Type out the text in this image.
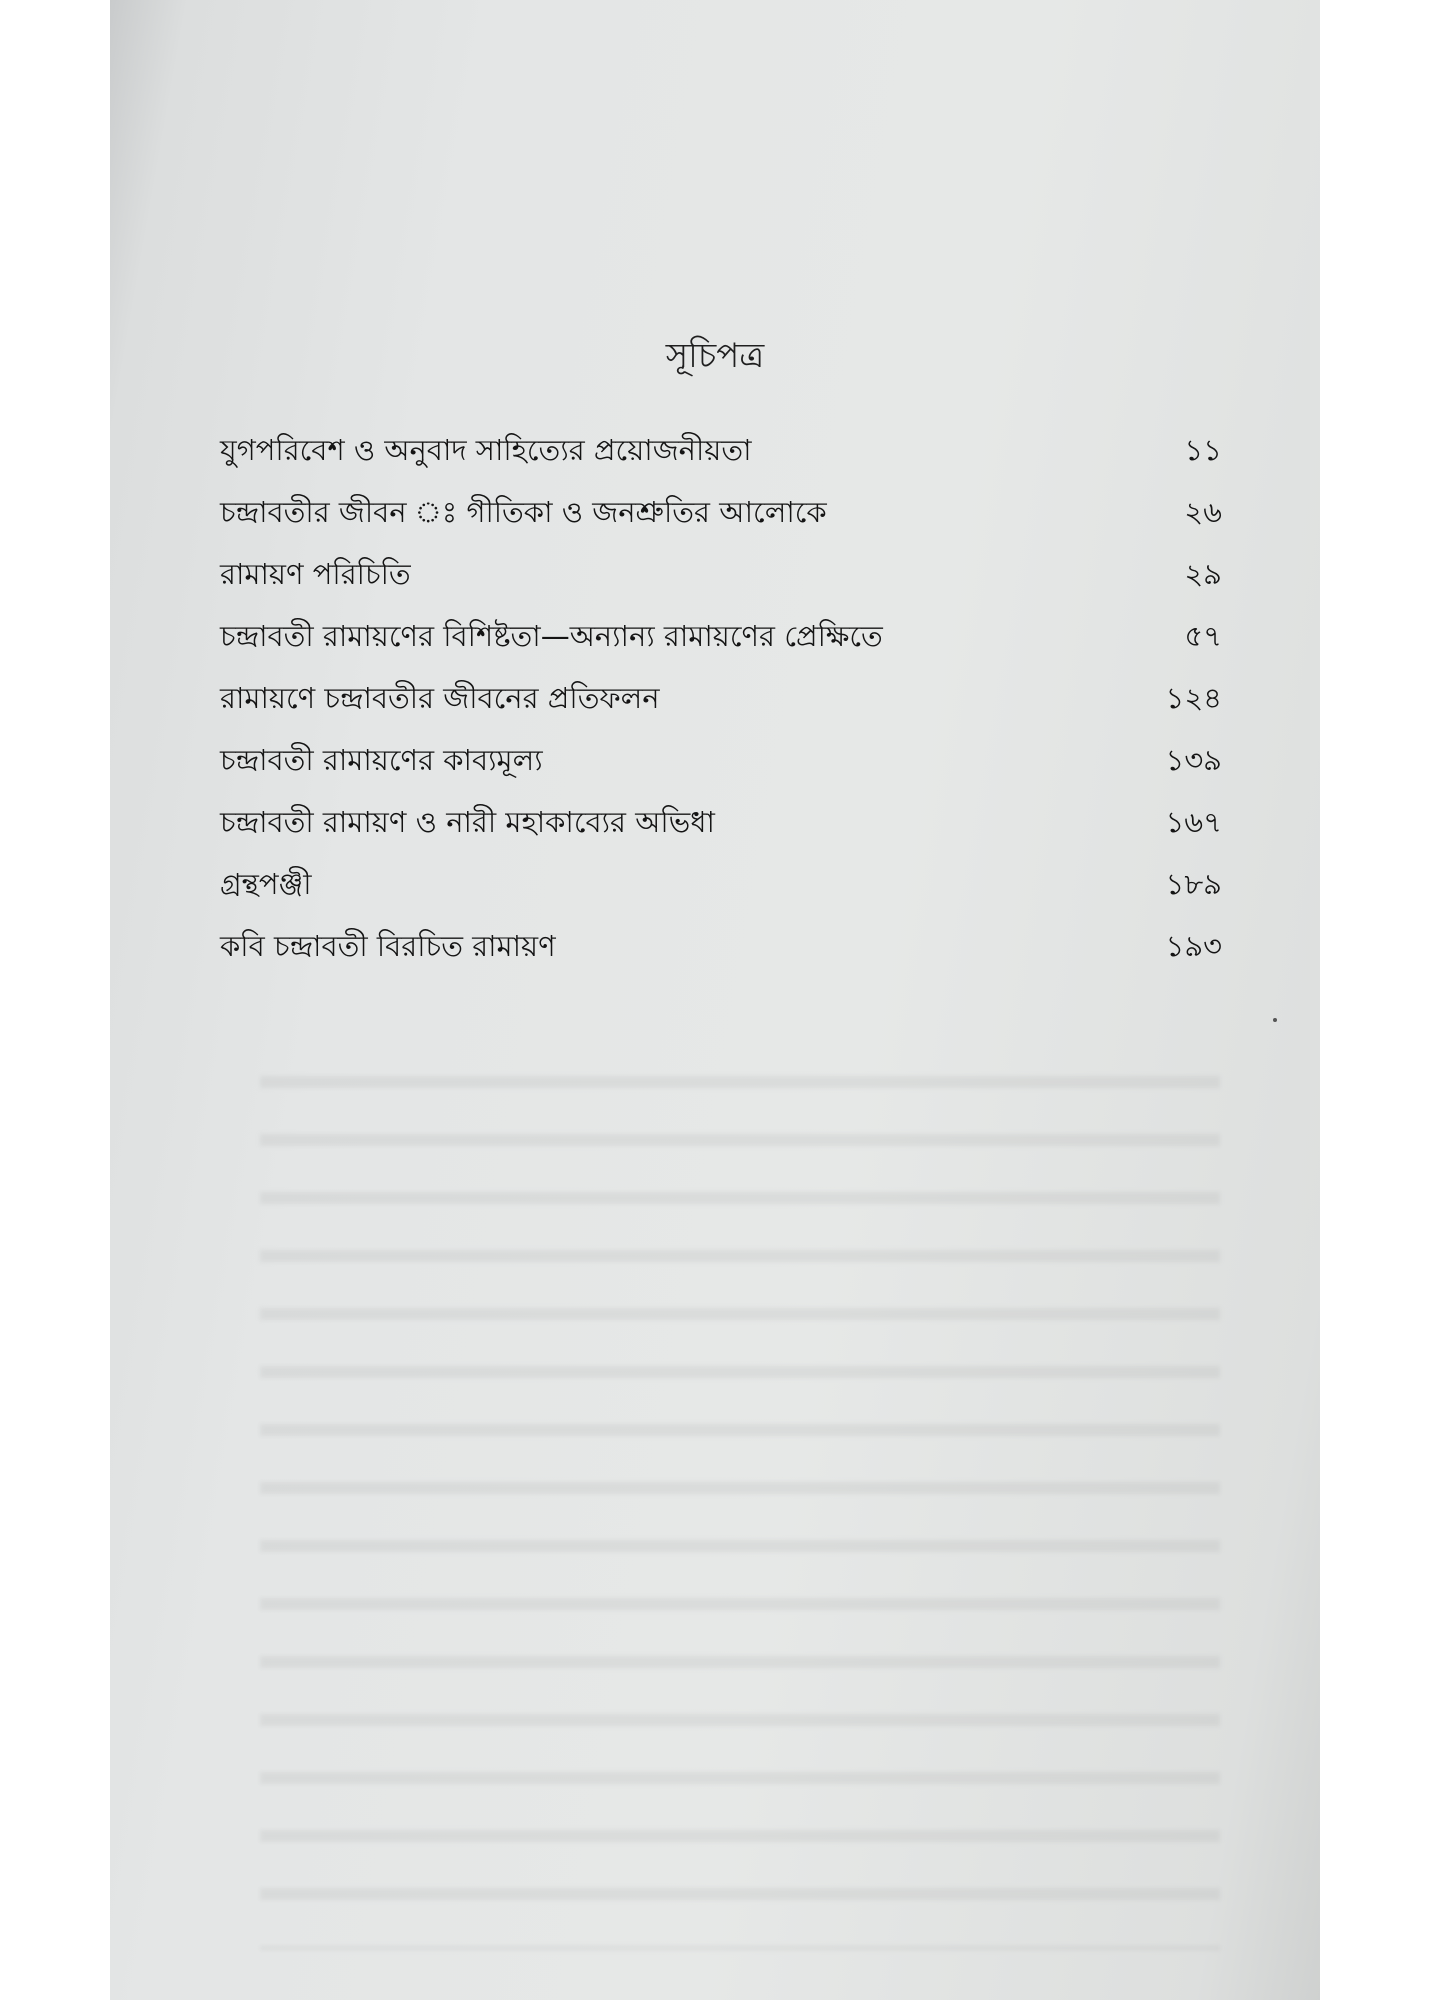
সূচিপত্র
যুগপরিবেশ ও অনুবাদ সাহিত্যের প্রয়োজনীয়তা	১১
চন্দ্রাবতীর জীবন ঃ গীতিকা ও জনশ্রুতির আলোকে	২৬
রামায়ণ পরিচিতি	২৯
চন্দ্রাবতী রামায়ণের বিশিষ্টতা—অন্যান্য রামায়ণের প্রেক্ষিতে	৫৭
রামায়ণে চন্দ্রাবতীর জীবনের প্রতিফলন	১২৪
চন্দ্রাবতী রামায়ণের কাব্যমূল্য	১৩৯
চন্দ্রাবতী রামায়ণ ও নারী মহাকাব্যের অভিধা	১৬৭
গ্রন্থপঞ্জী	১৮৯
কবি চন্দ্রাবতী বিরচিত রামায়ণ	১৯৩
